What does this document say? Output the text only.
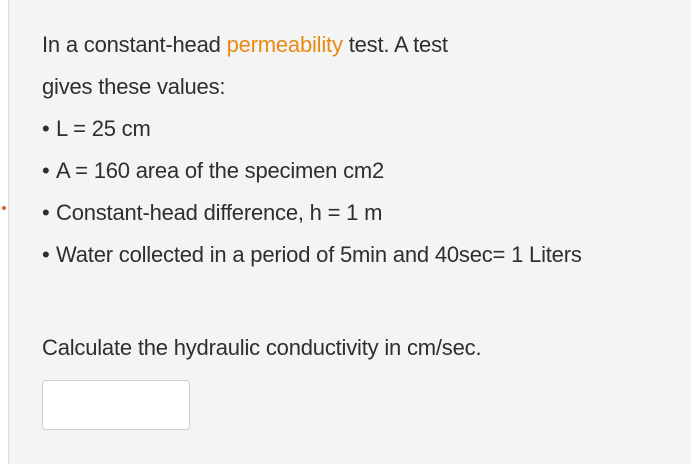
In a constant-head permeability test. A test
gives these values:
• L = 25 cm
• A = 160 area of the specimen cm2
• Constant-head difference, h = 1 m
• Water collected in a period of 5min and 40sec= 1 Liters
Calculate the hydraulic conductivity in cm/sec.
